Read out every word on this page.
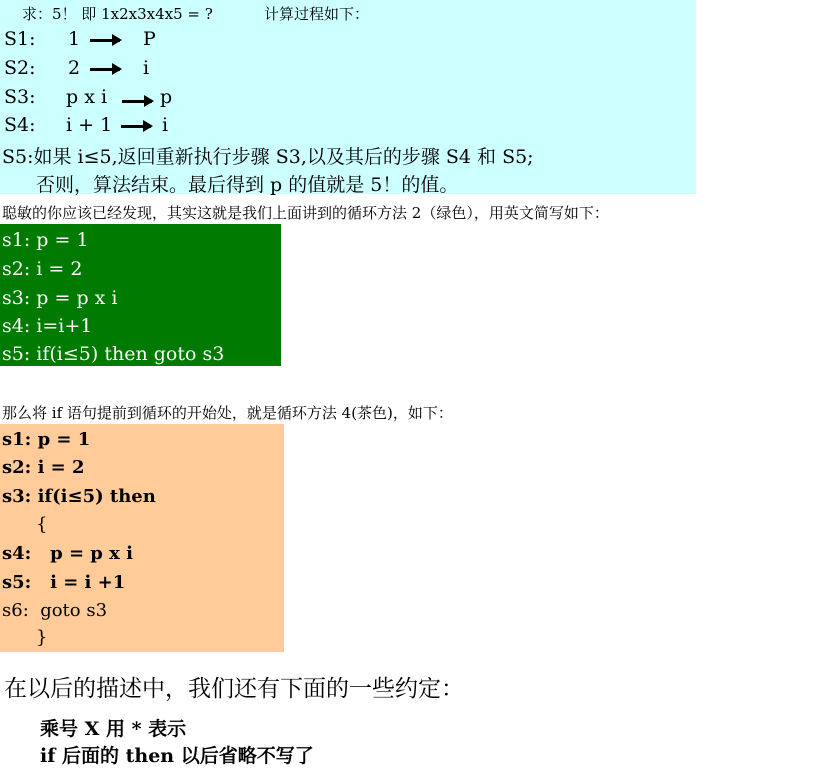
求：5！ 即 1x2x3x4x5 = ?	计算过程如下：
S1: 1	P
S2: 2	i
S3: p x i	p
S4: i + 1	i
S5:如果 i≤5,返回重新执行步骤 S3,以及其后的步骤 S4 和 S5;
否则，算法结束。最后得到 p 的值就是 5！的值。
聪敏的你应该已经发现，其实这就是我们上面讲到的循环方法 2（绿色），用英文简写如下：
s1: p = 1
s2: i = 2
s3: p = p x i
s4: i=i+1
s5: if(i≤5) then goto s3
那么将 if 语句提前到循环的开始处，就是循环方法 4(茶色)，如下：
s1: p = 1
s2: i = 2
s3: if(i≤5) then
{
s4:   p = p x i
s5:   i = i +1
s6:  goto s3
}
在以后的描述中，我们还有下面的一些约定：
乘号 X 用 * 表示
if 后面的 then 以后省略不写了
